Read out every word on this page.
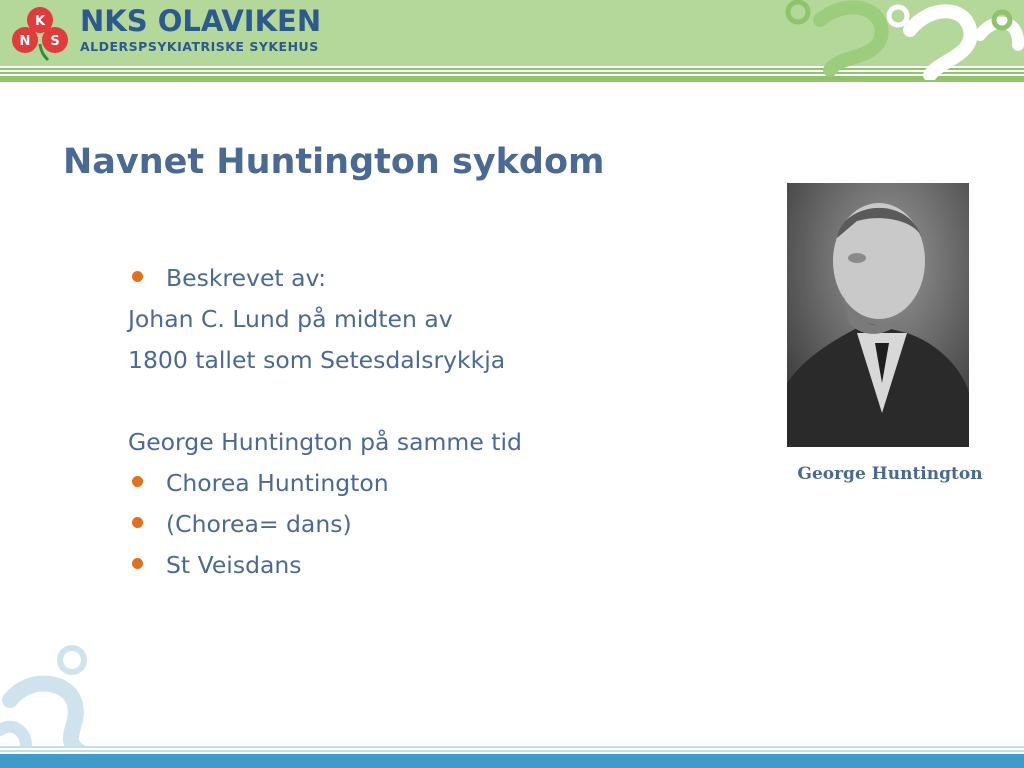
K
N S
NKS OLAVIKEN
ALDERSPSYKIATRISKE SYKEHUS
Navnet Huntington sykdom
Beskrevet av:
Johan C. Lund på midten av
1800 tallet som Setesdalsrykkja
George Huntington på samme tid
Chorea Huntington
(Chorea= dans)
St Veisdans
George Huntington
